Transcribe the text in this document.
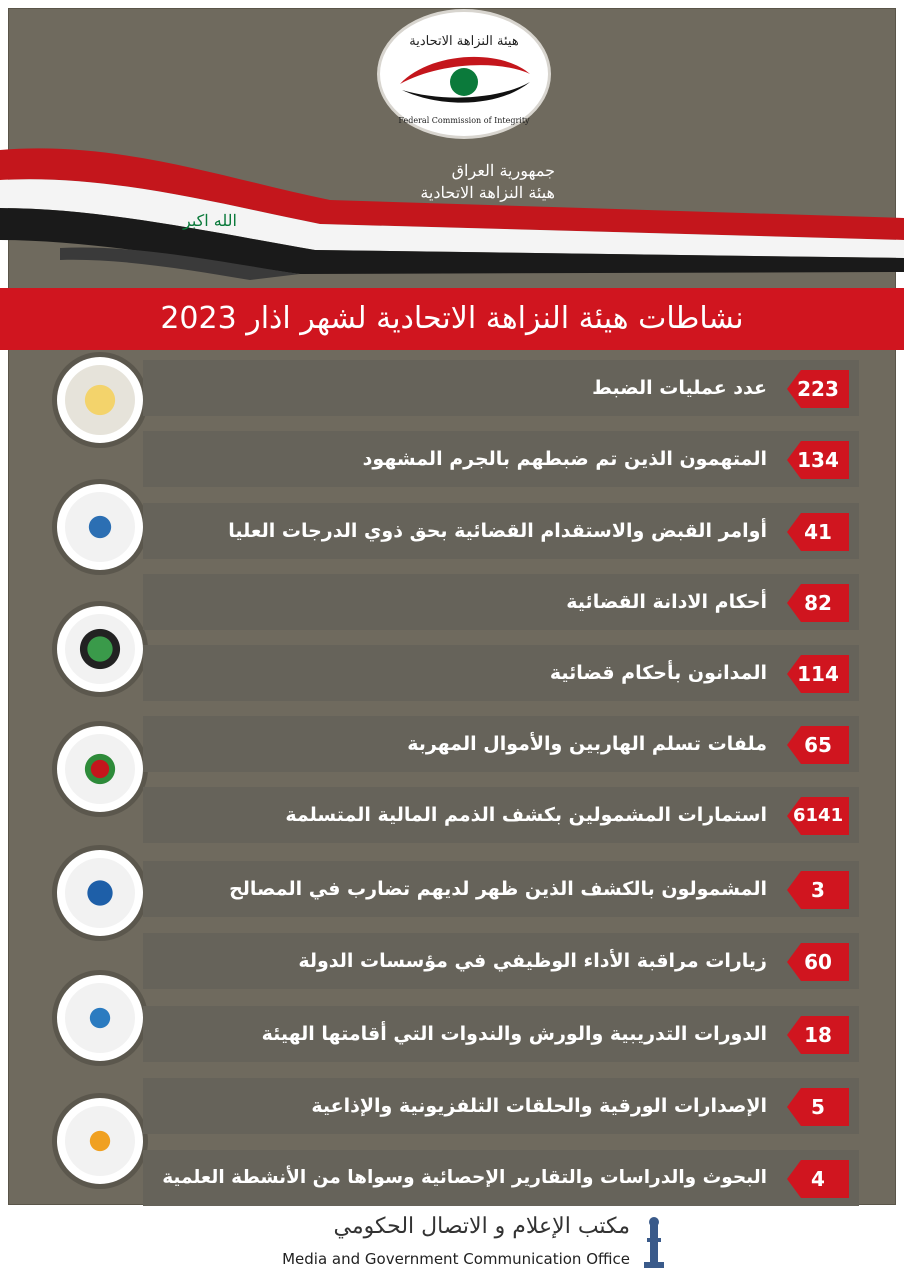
الله اكبر
هيئة النزاهة الاتحادية
Federal Commission of Integrity
جمهورية العراق
هيئة النزاهة الاتحادية
نشاطات هيئة النزاهة الاتحادية لشهر اذار 2023
مكتب الإعلام و الاتصال الحكومي
Media and Government Communication Office
عدد عمليات الضبط 223
المتهمون الذين تم ضبطهم بالجرم المشهود 134
أوامر القبض والاستقدام القضائية بحق ذوي الدرجات العليا	41
أحكام الادانة القضائية	82
المدانون بأحكام قضائية 114
ملفات تسلم الهاربين والأموال المهربة	65
استمارات المشمولين بكشف الذمم المالية المتسلمة 6141
المشمولون بالكشف الذين ظهر لديهم تضارب في المصالح	3
زيارات مراقبة الأداء الوظيفي في مؤسسات الدولة	60
الدورات التدريبية والورش والندوات التي أقامتها الهيئة	18
الإصدارات الورقية والحلقات التلفزيونية والإذاعية	5
البحوث والدراسات والتقارير الإحصائية وسواها من الأنشطة العلمية	4
